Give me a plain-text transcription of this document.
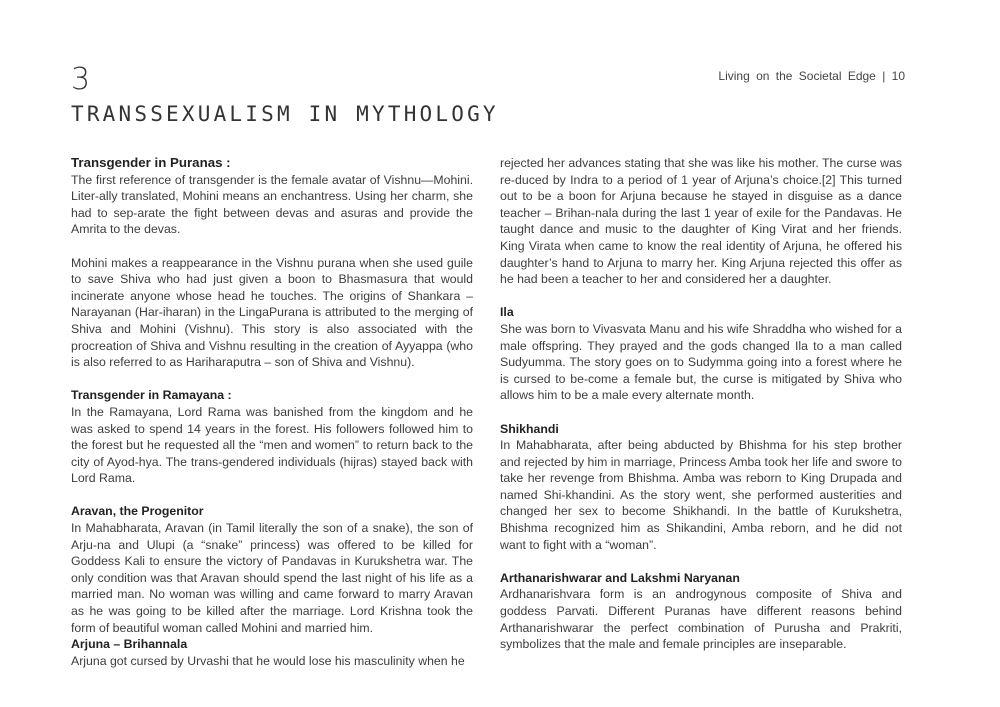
3
TRANSSEXUALISM IN MYTHOLOGY
Living on the Societal Edge | 10
Transgender in Puranas :

The first reference of transgender is the female avatar of Vishnu—Mohini. Liter-ally translated, Mohini means an enchantress. Using her charm, she had to sep-arate the fight between devas and asuras and provide the Amrita to the devas.

Mohini makes a reappearance in the Vishnu purana when she used guile to save Shiva who had just given a boon to Bhasmasura that would incinerate anyone whose head he touches. The origins of Shankara – Narayanan (Har-iharan) in the LingaPurana is attributed to the merging of Shiva and Mohini (Vishnu). This story is also associated with the procreation of Shiva and Vishnu resulting in the creation of Ayyappa (who is also referred to as Hariharaputra – son of Shiva and Vishnu).

Transgender in Ramayana :

In the Ramayana, Lord Rama was banished from the kingdom and he was asked to spend 14 years in the forest. His followers followed him to the forest but he requested all the “men and women” to return back to the city of Ayod-hya. The trans-gendered individuals (hijras) stayed back with Lord Rama.

Aravan, the Progenitor

In Mahabharata, Aravan (in Tamil literally the son of a snake), the son of Arju-na and Ulupi (a “snake” princess) was offered to be killed for Goddess Kali to ensure the victory of Pandavas in Kurukshetra war. The only condition was that Aravan should spend the last night of his life as a married man. No woman was willing and came forward to marry Aravan as he was going to be killed after the marriage. Lord Krishna took the form of beautiful woman called Mohini and married him.

Arjuna – Brihannala

Arjuna got cursed by Urvashi that he would lose his masculinity when he

rejected her advances stating that she was like his mother. The curse was re-duced by Indra to a period of 1 year of Arjuna’s choice.[2] This turned out to be a boon for Arjuna because he stayed in disguise as a dance teacher – Brihan-nala during the last 1 year of exile for the Pandavas. He taught dance and music to the daughter of King Virat and her friends. King Virata when came to know the real identity of Arjuna, he offered his daughter’s hand to Arjuna to marry her. King Arjuna rejected this offer as he had been a teacher to her and considered her a daughter.

Ila

She was born to Vivasvata Manu and his wife Shraddha who wished for a male offspring. They prayed and the gods changed Ila to a man called Sudyumma. The story goes on to Sudymma going into a forest where he is cursed to be-come a female but, the curse is mitigated by Shiva who allows him to be a male every alternate month.

Shikhandi

In Mahabharata, after being abducted by Bhishma for his step brother and rejected by him in marriage, Princess Amba took her life and swore to take her revenge from Bhishma. Amba was reborn to King Drupada and named Shi-khandini. As the story went, she performed austerities and changed her sex to become Shikhandi. In the battle of Kurukshetra, Bhishma recognized him as Shikandini, Amba reborn, and he did not want to fight with a “woman”.

Arthanarishwarar and Lakshmi Naryanan

Ardhanarishvara form is an androgynous composite of Shiva and goddess Parvati. Different Puranas have different reasons behind Arthanarishwarar the perfect combination of Purusha and Prakriti, symbolizes that the male and female principles are inseparable.
